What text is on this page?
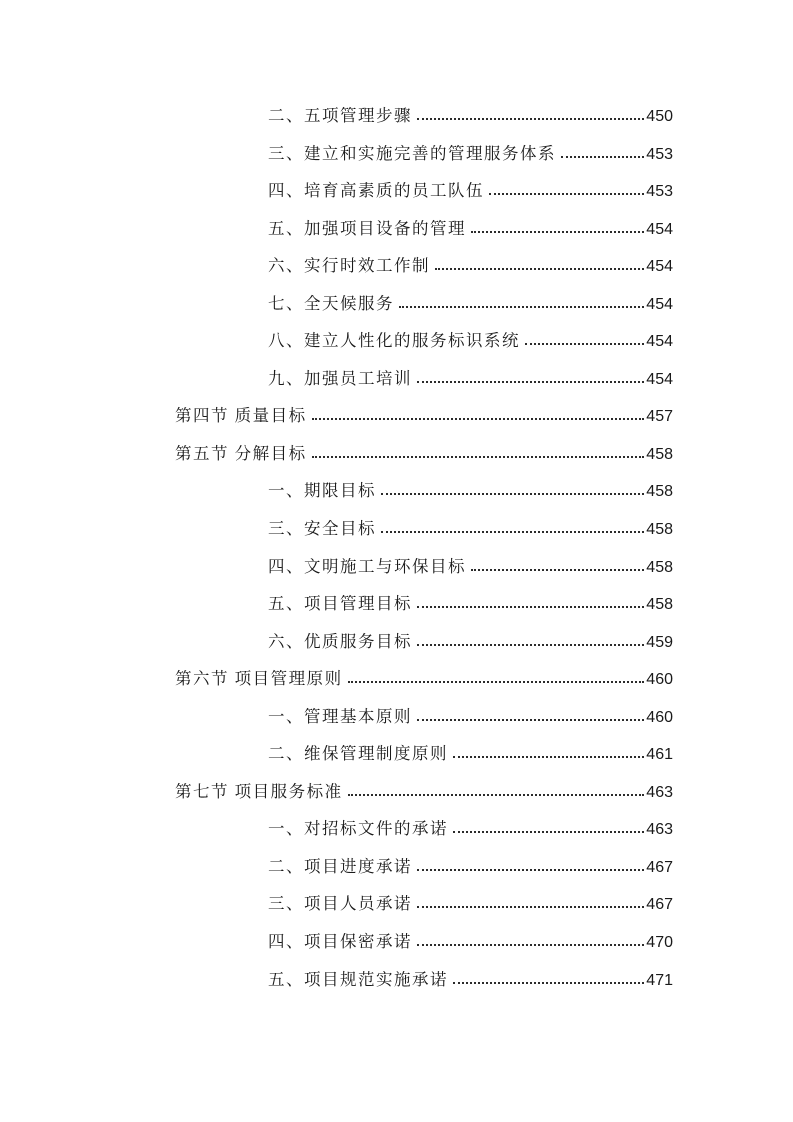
二、五项管理步骤	450
三、建立和实施完善的管理服务体系	453
四、培育高素质的员工队伍	453
五、加强项目设备的管理	454
六、实行时效工作制	454
七、全天候服务	454
八、建立人性化的服务标识系统	454
九、加强员工培训	454
第四节 质量目标	457
第五节 分解目标	458
一、期限目标	458
三、安全目标	458
四、文明施工与环保目标	458
五、项目管理目标	458
六、优质服务目标	459
第六节 项目管理原则	460
一、管理基本原则	460
二、维保管理制度原则	461
第七节 项目服务标准	463
一、对招标文件的承诺	463
二、项目进度承诺	467
三、项目人员承诺	467
四、项目保密承诺	470
五、项目规范实施承诺	471
